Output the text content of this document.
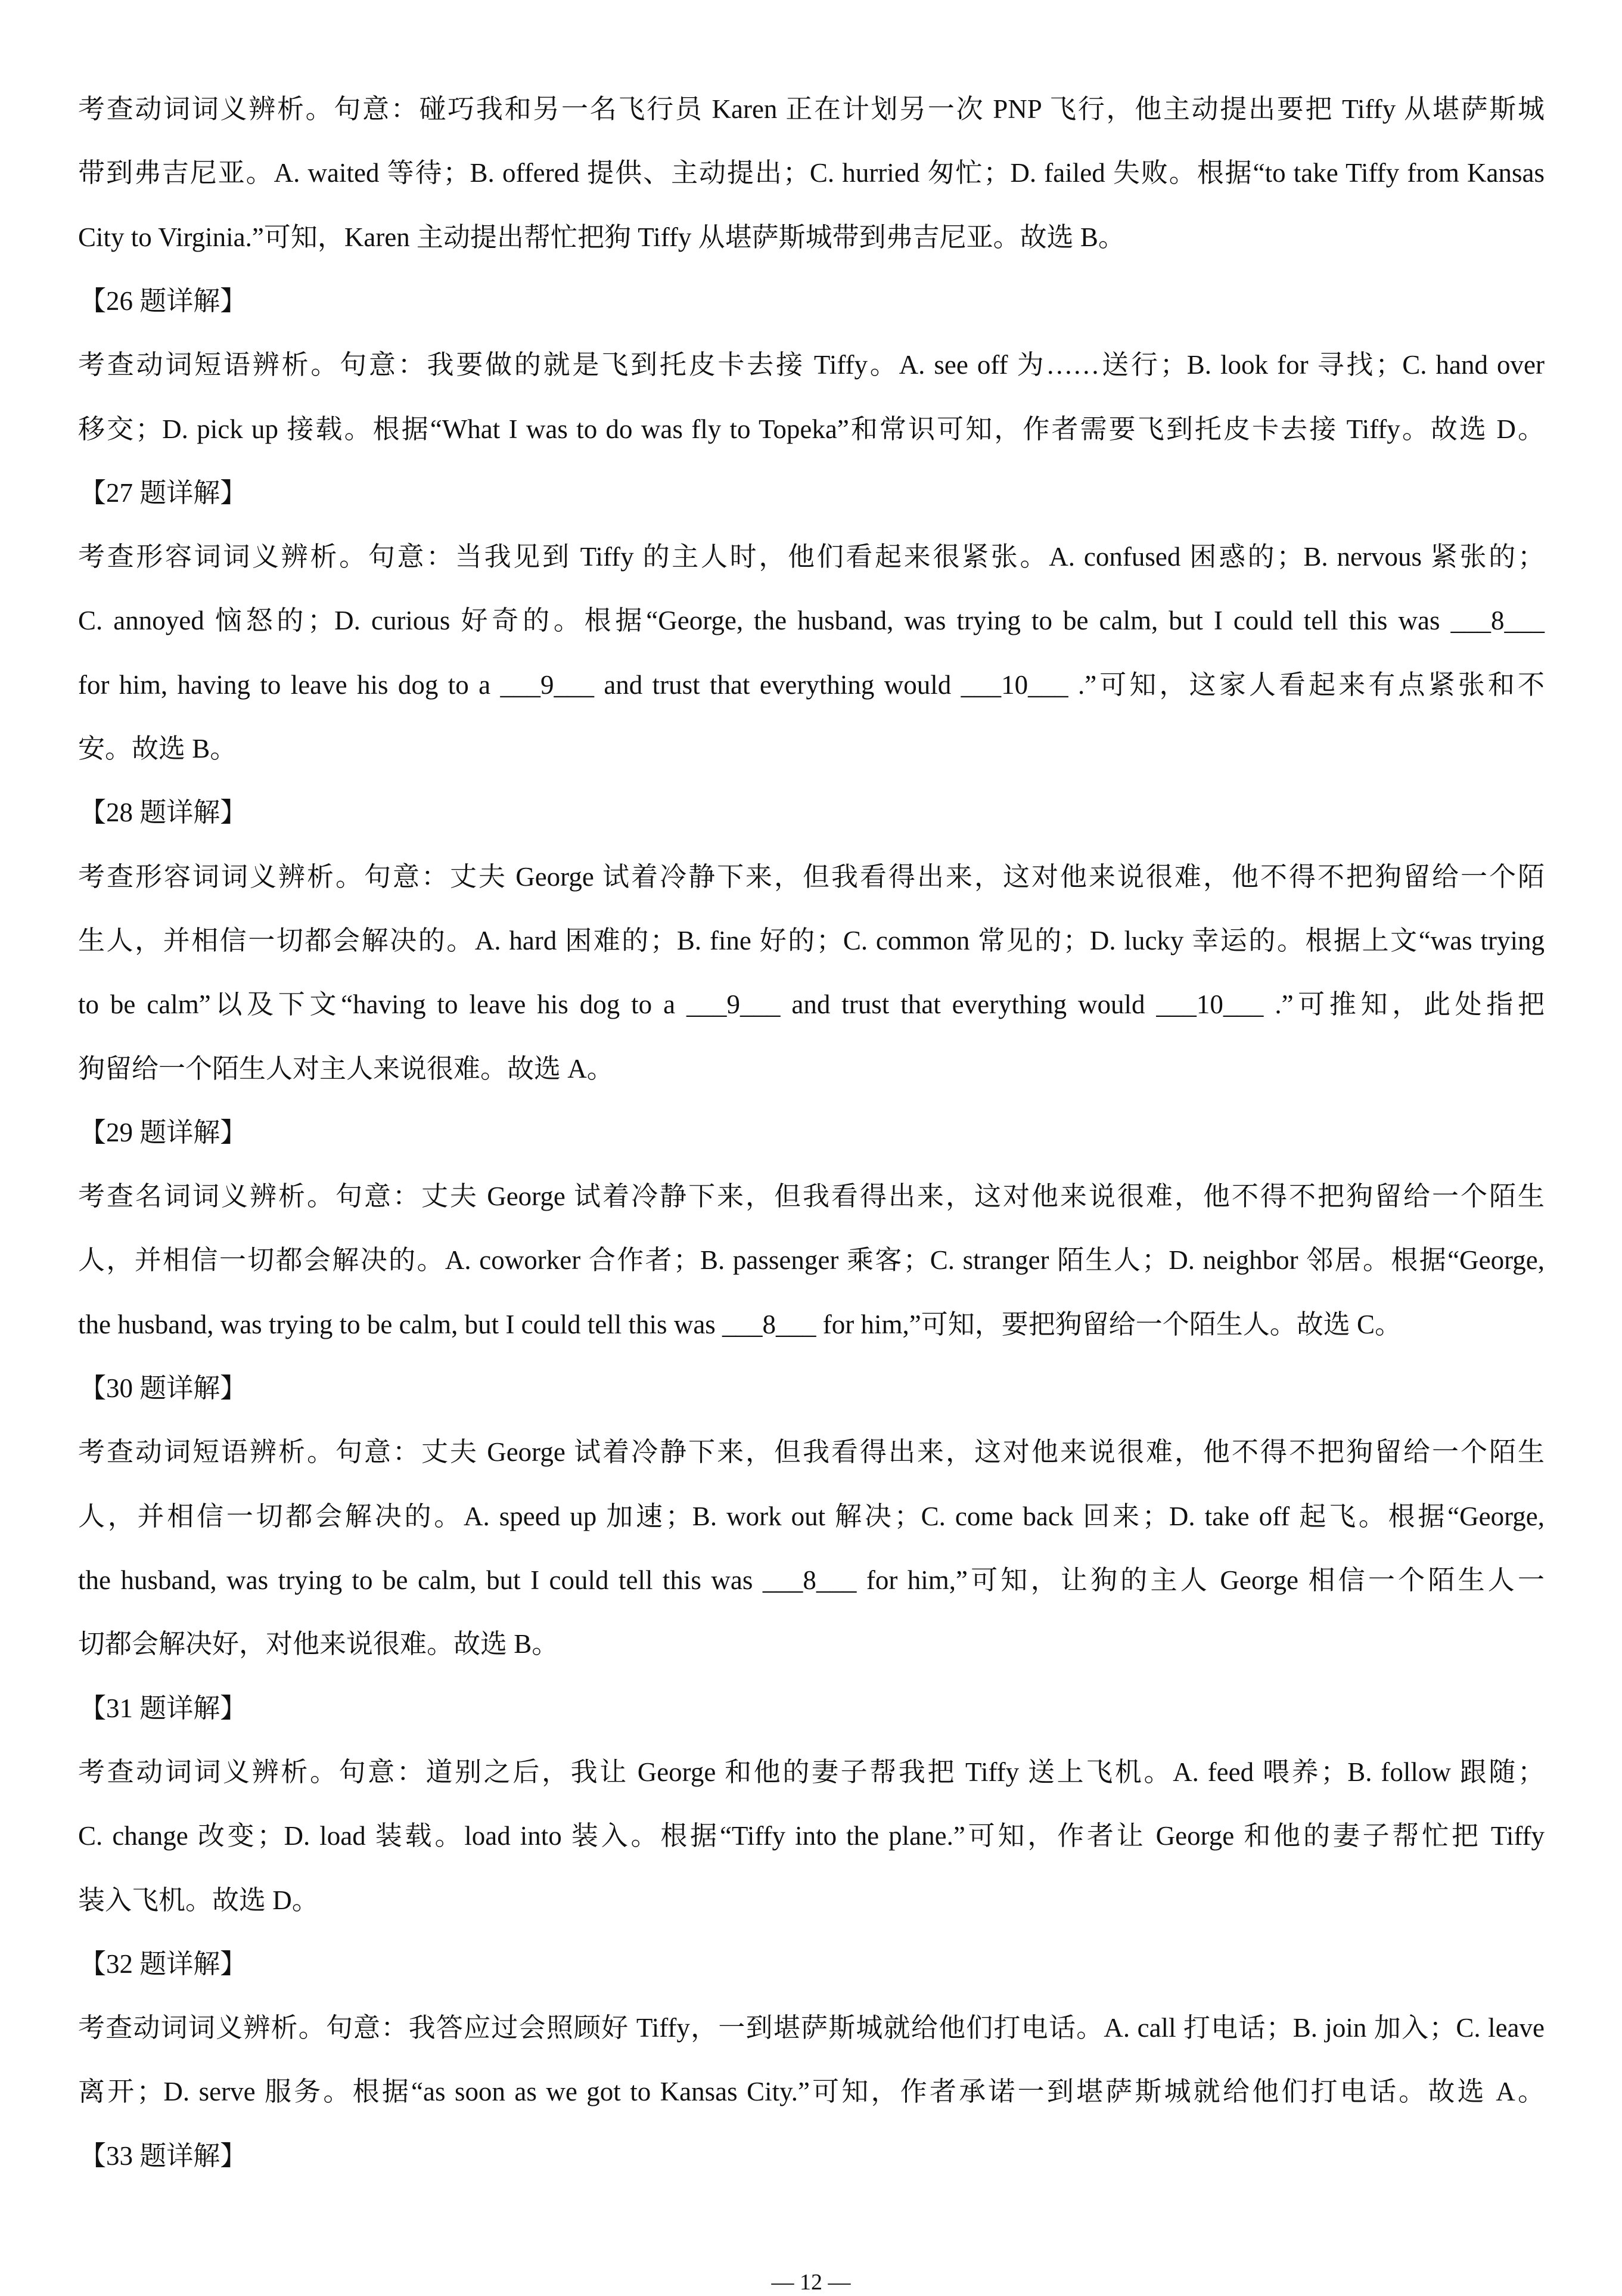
考查动词词义辨析。句意：碰巧我和另一名飞行员 Karen 正在计划另一次 PNP 飞行，他主动提出要把 Tiffy 从堪萨斯城
带到弗吉尼亚。A. waited 等待；B. offered 提供、主动提出；C. hurried 匆忙；D. failed 失败。根据“to take Tiffy from Kansas
City to Virginia.”可知，Karen 主动提出帮忙把狗 Tiffy 从堪萨斯城带到弗吉尼亚。故选 B。
【26 题详解】
考查动词短语辨析。句意：我要做的就是飞到托皮卡去接 Tiffy。A. see off 为……送行；B. look for 寻找；C. hand over
移交；D. pick up 接载。根据“What I was to do was fly to Topeka”和常识可知，作者需要飞到托皮卡去接 Tiffy。故选 D。
【27 题详解】
考查形容词词义辨析。句意：当我见到 Tiffy 的主人时，他们看起来很紧张。A. confused 困惑的；B. nervous 紧张的；
C. annoyed 恼怒的；D. curious 好奇的。根据“George, the husband, was trying to be calm, but I could tell this was ___8___
for him, having to leave his dog to a ___9___ and trust that everything would ___10___ .”可知，这家人看起来有点紧张和不
安。故选 B。
【28 题详解】
考查形容词词义辨析。句意：丈夫 George 试着冷静下来，但我看得出来，这对他来说很难，他不得不把狗留给一个陌
生人，并相信一切都会解决的。A. hard 困难的；B. fine 好的；C. common 常见的；D. lucky 幸运的。根据上文“was trying
to be calm”以及下文“having to leave his dog to a ___9___ and trust that everything would ___10___ .”可推知，此处指把
狗留给一个陌生人对主人来说很难。故选 A。
【29 题详解】
考查名词词义辨析。句意：丈夫 George 试着冷静下来，但我看得出来，这对他来说很难，他不得不把狗留给一个陌生
人，并相信一切都会解决的。A. coworker 合作者；B. passenger 乘客；C. stranger 陌生人；D. neighbor 邻居。根据“George,
the husband, was trying to be calm, but I could tell this was ___8___ for him,”可知，要把狗留给一个陌生人。故选 C。
【30 题详解】
考查动词短语辨析。句意：丈夫 George 试着冷静下来，但我看得出来，这对他来说很难，他不得不把狗留给一个陌生
人，并相信一切都会解决的。A. speed up 加速；B. work out 解决；C. come back 回来；D. take off 起飞。根据“George,
the husband, was trying to be calm, but I could tell this was ___8___ for him,”可知，让狗的主人 George 相信一个陌生人一
切都会解决好，对他来说很难。故选 B。
【31 题详解】
考查动词词义辨析。句意：道别之后，我让 George 和他的妻子帮我把 Tiffy 送上飞机。A. feed 喂养；B. follow 跟随；
C. change 改变；D. load 装载。load into 装入。根据“Tiffy into the plane.”可知，作者让 George 和他的妻子帮忙把 Tiffy
装入飞机。故选 D。
【32 题详解】
考查动词词义辨析。句意：我答应过会照顾好 Tiffy，一到堪萨斯城就给他们打电话。A. call 打电话；B. join 加入；C. leave
离开；D. serve 服务。根据“as soon as we got to Kansas City.”可知，作者承诺一到堪萨斯城就给他们打电话。故选 A。
【33 题详解】
— 12 —
